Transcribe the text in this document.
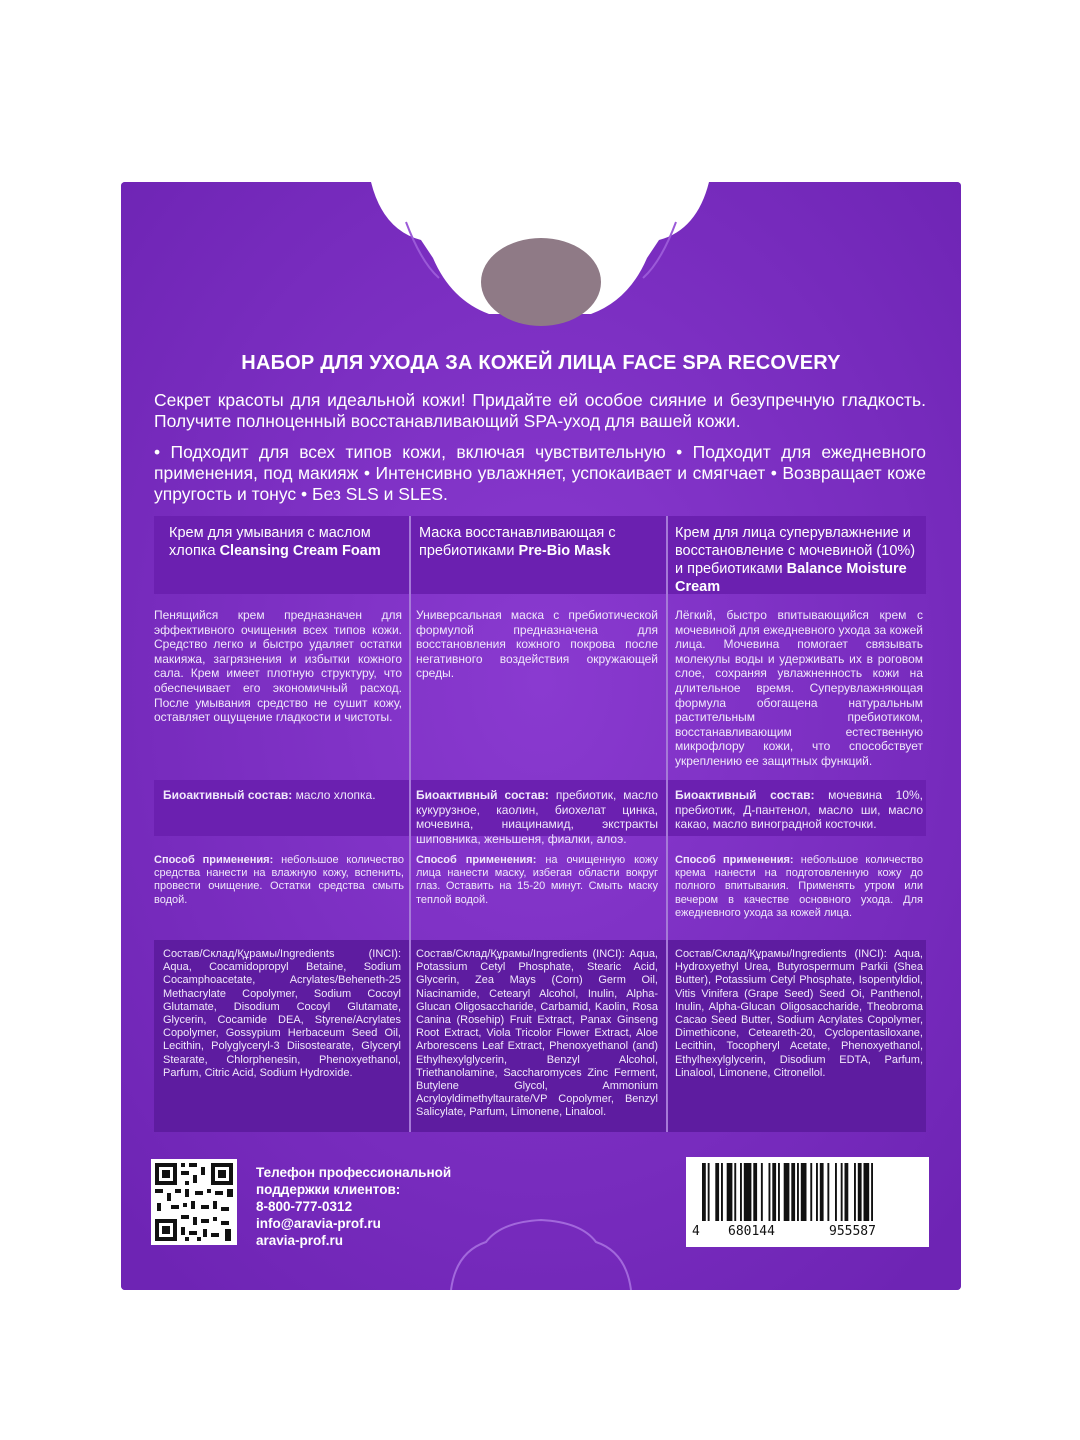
НАБОР ДЛЯ УХОДА ЗА КОЖЕЙ ЛИЦА FACE SPA RECOVERY
Секрет красоты для идеальной кожи! Придайте ей особое сияние и безупречную гладкость. Получите полноценный восстанавливающий SPA-уход для вашей кожи.
• Подходит для всех типов кожи, включая чувствительную • Подходит для ежедневного применения, под макияж • Интенсивно увлажняет, успокаивает и смягчает • Возвращает коже упругость и тонус • Без SLS и SLES.
Крем для умывания с маслом хлопка Cleansing Cream Foam
Пенящийся крем предназначен для эффективного очищения всех типов кожи. Средство легко и быстро удаляет остатки макияжа, загрязнения и избытки кожного сала. Крем имеет плотную структуру, что обеспечивает его экономичный расход. После умывания средство не сушит кожу, оставляет ощущение гладкости и чистоты.
Биоактивный состав: масло хлопка.
Способ применения: небольшое количество средства нанести на влажную кожу, вспенить, провести очищение. Остатки средства смыть водой.
Состав/Склад/Құрамы/Ingredients (INCI): Aqua, Cocamidopropyl Betaine, Sodium Cocamphoacetate, Acrylates/Beheneth-25 Methacrylate Copolymer, Sodium Cocoyl Glutamate, Disodium Cocoyl Glutamate, Glycerin, Cocamide DEA, Styrene/Acrylates Copolymer, Gossypium Herbaceum Seed Oil, Lecithin, Polyglyceryl-3 Diisostearate, Glyceryl Stearate, Chlorphenesin, Phenoxyethanol, Parfum, Citric Acid, Sodium Hydroxide.
Маска восстанавливающая с пребиотиками Pre-Bio Mask
Универсальная маска с пребиотической формулой предназначена для восстановления кожного покрова после негативного воздействия окружающей среды.
Биоактивный состав: пребиотик, масло кукурузное, каолин, биохелат цинка, мочевина, ниацинамид, экстракты шиповника, женьшеня, фиалки, алоэ.
Способ применения: на очищенную кожу лица нанести маску, избегая области вокруг глаз. Оставить на 15-20 минут. Смыть маску теплой водой.
Состав/Склад/Құрамы/Ingredients (INCI): Aqua, Potassium Cetyl Phosphate, Stearic Acid, Glycerin, Zea Mays (Corn) Germ Oil, Niacinamide, Cetearyl Alcohol, Inulin, Alpha-Glucan Oligosaccharide, Carbamid, Kaolin, Rosa Canina (Rosehip) Fruit Extract, Panax Ginseng Root Extract, Viola Tricolor Flower Extract, Aloe Arborescens Leaf Extract, Phenoxyethanol (and) Ethylhexylglycerin, Benzyl Alcohol, Triethanolamine, Saccharomyces Zinc Ferment, Butylene Glycol, Ammonium Acryloyldimethyltaurate/VP Copolymer, Benzyl Salicylate, Parfum, Limonene, Linalool.
Крем для лица суперувлажнение и восстановление с мочевиной (10%) и пребиотиками Balance Moisture Cream
Лёгкий, быстро впитывающийся крем с мочевиной для ежедневного ухода за кожей лица. Мочевина помогает связывать молекулы воды и удерживать их в роговом слое, сохраняя увлажненность кожи на длительное время. Суперувлажняющая формула обогащена натуральным растительным пребиотиком, восстанавливающим естественную микрофлору кожи, что способствует укреплению ее защитных функций.
Биоактивный состав: мочевина 10%, пребиотик, Д-пантенол, масло ши, масло какао, масло виноградной косточки.
Способ применения: небольшое количество крема нанести на подготовленную кожу до полного впитывания. Применять утром или вечером в качестве основного ухода. Для ежедневного ухода за кожей лица.
Состав/Склад/Құрамы/Ingredients (INCI): Aqua, Hydroxyethyl Urea, Butyrospermum Parkii (Shea Butter), Potassium Cetyl Phosphate, Isopentyldiol, Vitis Vinifera (Grape Seed) Seed Oi, Panthenol, Inulin, Alpha-Glucan Oligosaccharide, Theobroma Cacao Seed Butter, Sodium Acrylates Copolymer, Dimethicone, Ceteareth-20, Cyclopentasiloxane, Lecithin, Tocopheryl Acetate, Phenoxyethanol, Ethylhexylglycerin, Disodium EDTA, Parfum, Linalool, Limonene, Citronellol.
Телефон профессиональной
поддержки клиентов:
8-800-777-0312
info@aravia-prof.ru
aravia-prof.ru
4 680144	955587
